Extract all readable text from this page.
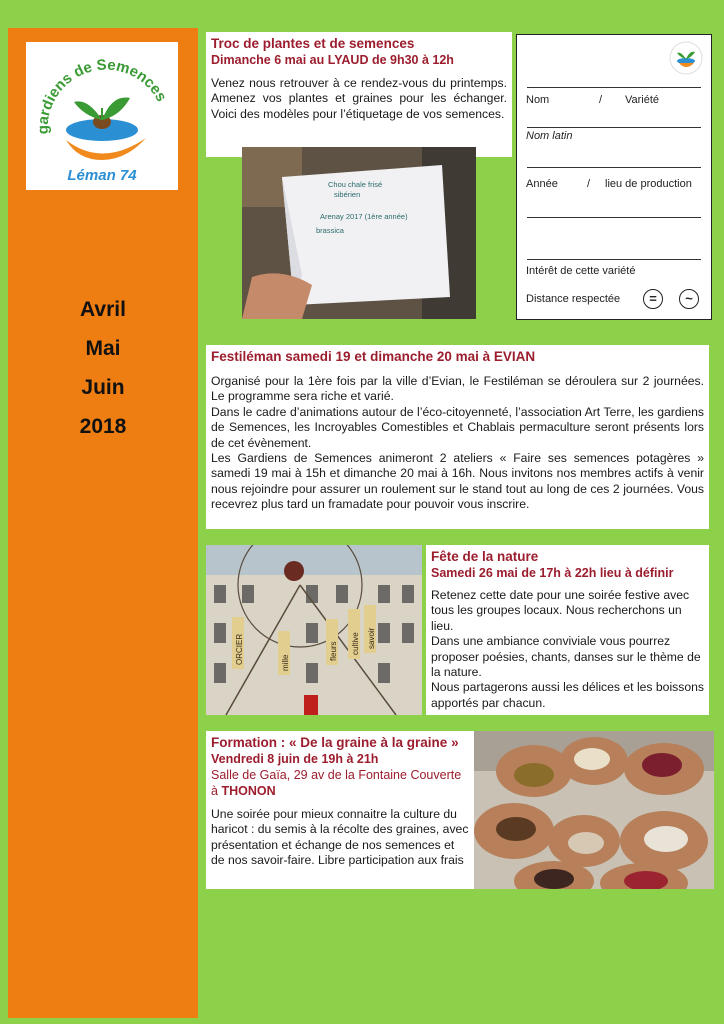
gardiens de Semences
Léman 74
Avril
Mai
Juin
2018
Troc de plantes et de semences
Dimanche 6 mai au LYAUD de 9h30 à 12h
Venez nous retrouver à ce rendez-vous du printemps. Amenez vos plantes et graines pour les échanger. Voici des modèles pour l’étiquetage de vos semences.
Chou chale frisé
sibérien
Arenay 2017 (1ère année)
brassica
Nom	/ Variété
Nom latin
Année	/ lieu de production
Intérêt de cette variété
Distance respectée	=	~
Festiléman samedi 19 et dimanche 20 mai à EVIAN
Organisé pour la 1ère fois par la ville d’Evian, le Festiléman se déroulera sur 2 journées. Le programme sera riche et varié.
Dans le cadre d’animations autour de l’éco-citoyenneté, l’association Art Terre, les gardiens de Semences, les Incroyables Comestibles et Chablais permaculture seront présents lors de cet évènement.
Les Gardiens de Semences animeront 2 ateliers « Faire ses semences potagères » samedi 19 mai à 15h et dimanche 20 mai à 16h. Nous invitons nos membres actifs à venir nous rejoindre pour assurer un roulement sur le stand tout au long de ces 2 journées. Vous recevrez plus tard un framadate pour pouvoir vous inscrire.
ORCIER	mille
fleurs cultive savoir
Fête de la nature
Samedi 26 mai de 17h à 22h lieu à définir
Retenez cette date pour une soirée festive avec tous les groupes locaux. Nous recherchons un lieu.
Dans une ambiance conviviale vous pourrez proposer poésies, chants, danses sur le thème de la nature.
Nous partagerons aussi les délices et les boissons apportés par chacun.
Formation : « De la graine à la graine »
Vendredi 8 juin de 19h à 21h
Salle de Gaïa, 29 av de la Fontaine Couverte à THONON
Une soirée pour mieux connaitre la culture du haricot : du semis à la récolte des graines, avec présentation et échange de nos semences et de nos savoir-faire. Libre participation aux frais
